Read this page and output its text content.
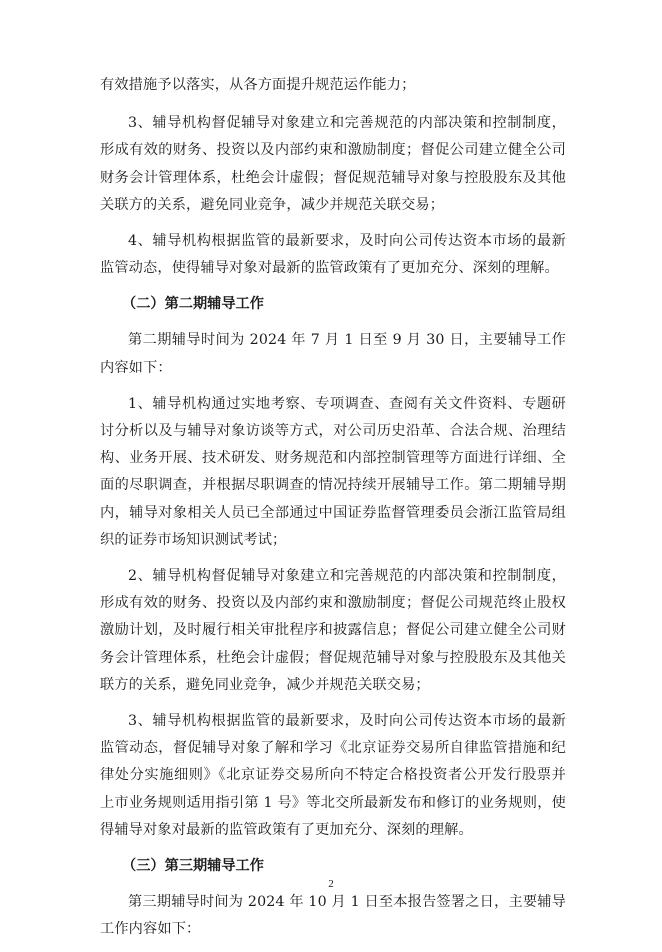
有效措施予以落实，从各方面提升规范运作能力；

3、辅导机构督促辅导对象建立和完善规范的内部决策和控制制度，形成有效的财务、投资以及内部约束和激励制度；督促公司建立健全公司财务会计管理体系，杜绝会计虚假；督促规范辅导对象与控股股东及其他关联方的关系，避免同业竞争，减少并规范关联交易；

4、辅导机构根据监管的最新要求，及时向公司传达资本市场的最新监管动态，使得辅导对象对最新的监管政策有了更加充分、深刻的理解。

（二）第二期辅导工作

第二期辅导时间为 2024 年 7 月 1 日至 9 月 30 日，主要辅导工作内容如下：

1、辅导机构通过实地考察、专项调查、查阅有关文件资料、专题研讨分析以及与辅导对象访谈等方式，对公司历史沿革、合法合规、治理结构、业务开展、技术研发、财务规范和内部控制管理等方面进行详细、全面的尽职调查，并根据尽职调查的情况持续开展辅导工作。第二期辅导期内，辅导对象相关人员已全部通过中国证券监督管理委员会浙江监管局组织的证券市场知识测试考试；

2、辅导机构督促辅导对象建立和完善规范的内部决策和控制制度，形成有效的财务、投资以及内部约束和激励制度；督促公司规范终止股权激励计划，及时履行相关审批程序和披露信息；督促公司建立健全公司财务会计管理体系，杜绝会计虚假；督促规范辅导对象与控股股东及其他关联方的关系，避免同业竞争，减少并规范关联交易；

3、辅导机构根据监管的最新要求，及时向公司传达资本市场的最新监管动态，督促辅导对象了解和学习《北京证券交易所自律监管措施和纪律处分实施细则》《北京证券交易所向不特定合格投资者公开发行股票并上市业务规则适用指引第 1 号》等北交所最新发布和修订的业务规则，使得辅导对象对最新的监管政策有了更加充分、深刻的理解。

（三）第三期辅导工作

第三期辅导时间为 2024 年 10 月 1 日至本报告签署之日，主要辅导工作内容如下：

2
